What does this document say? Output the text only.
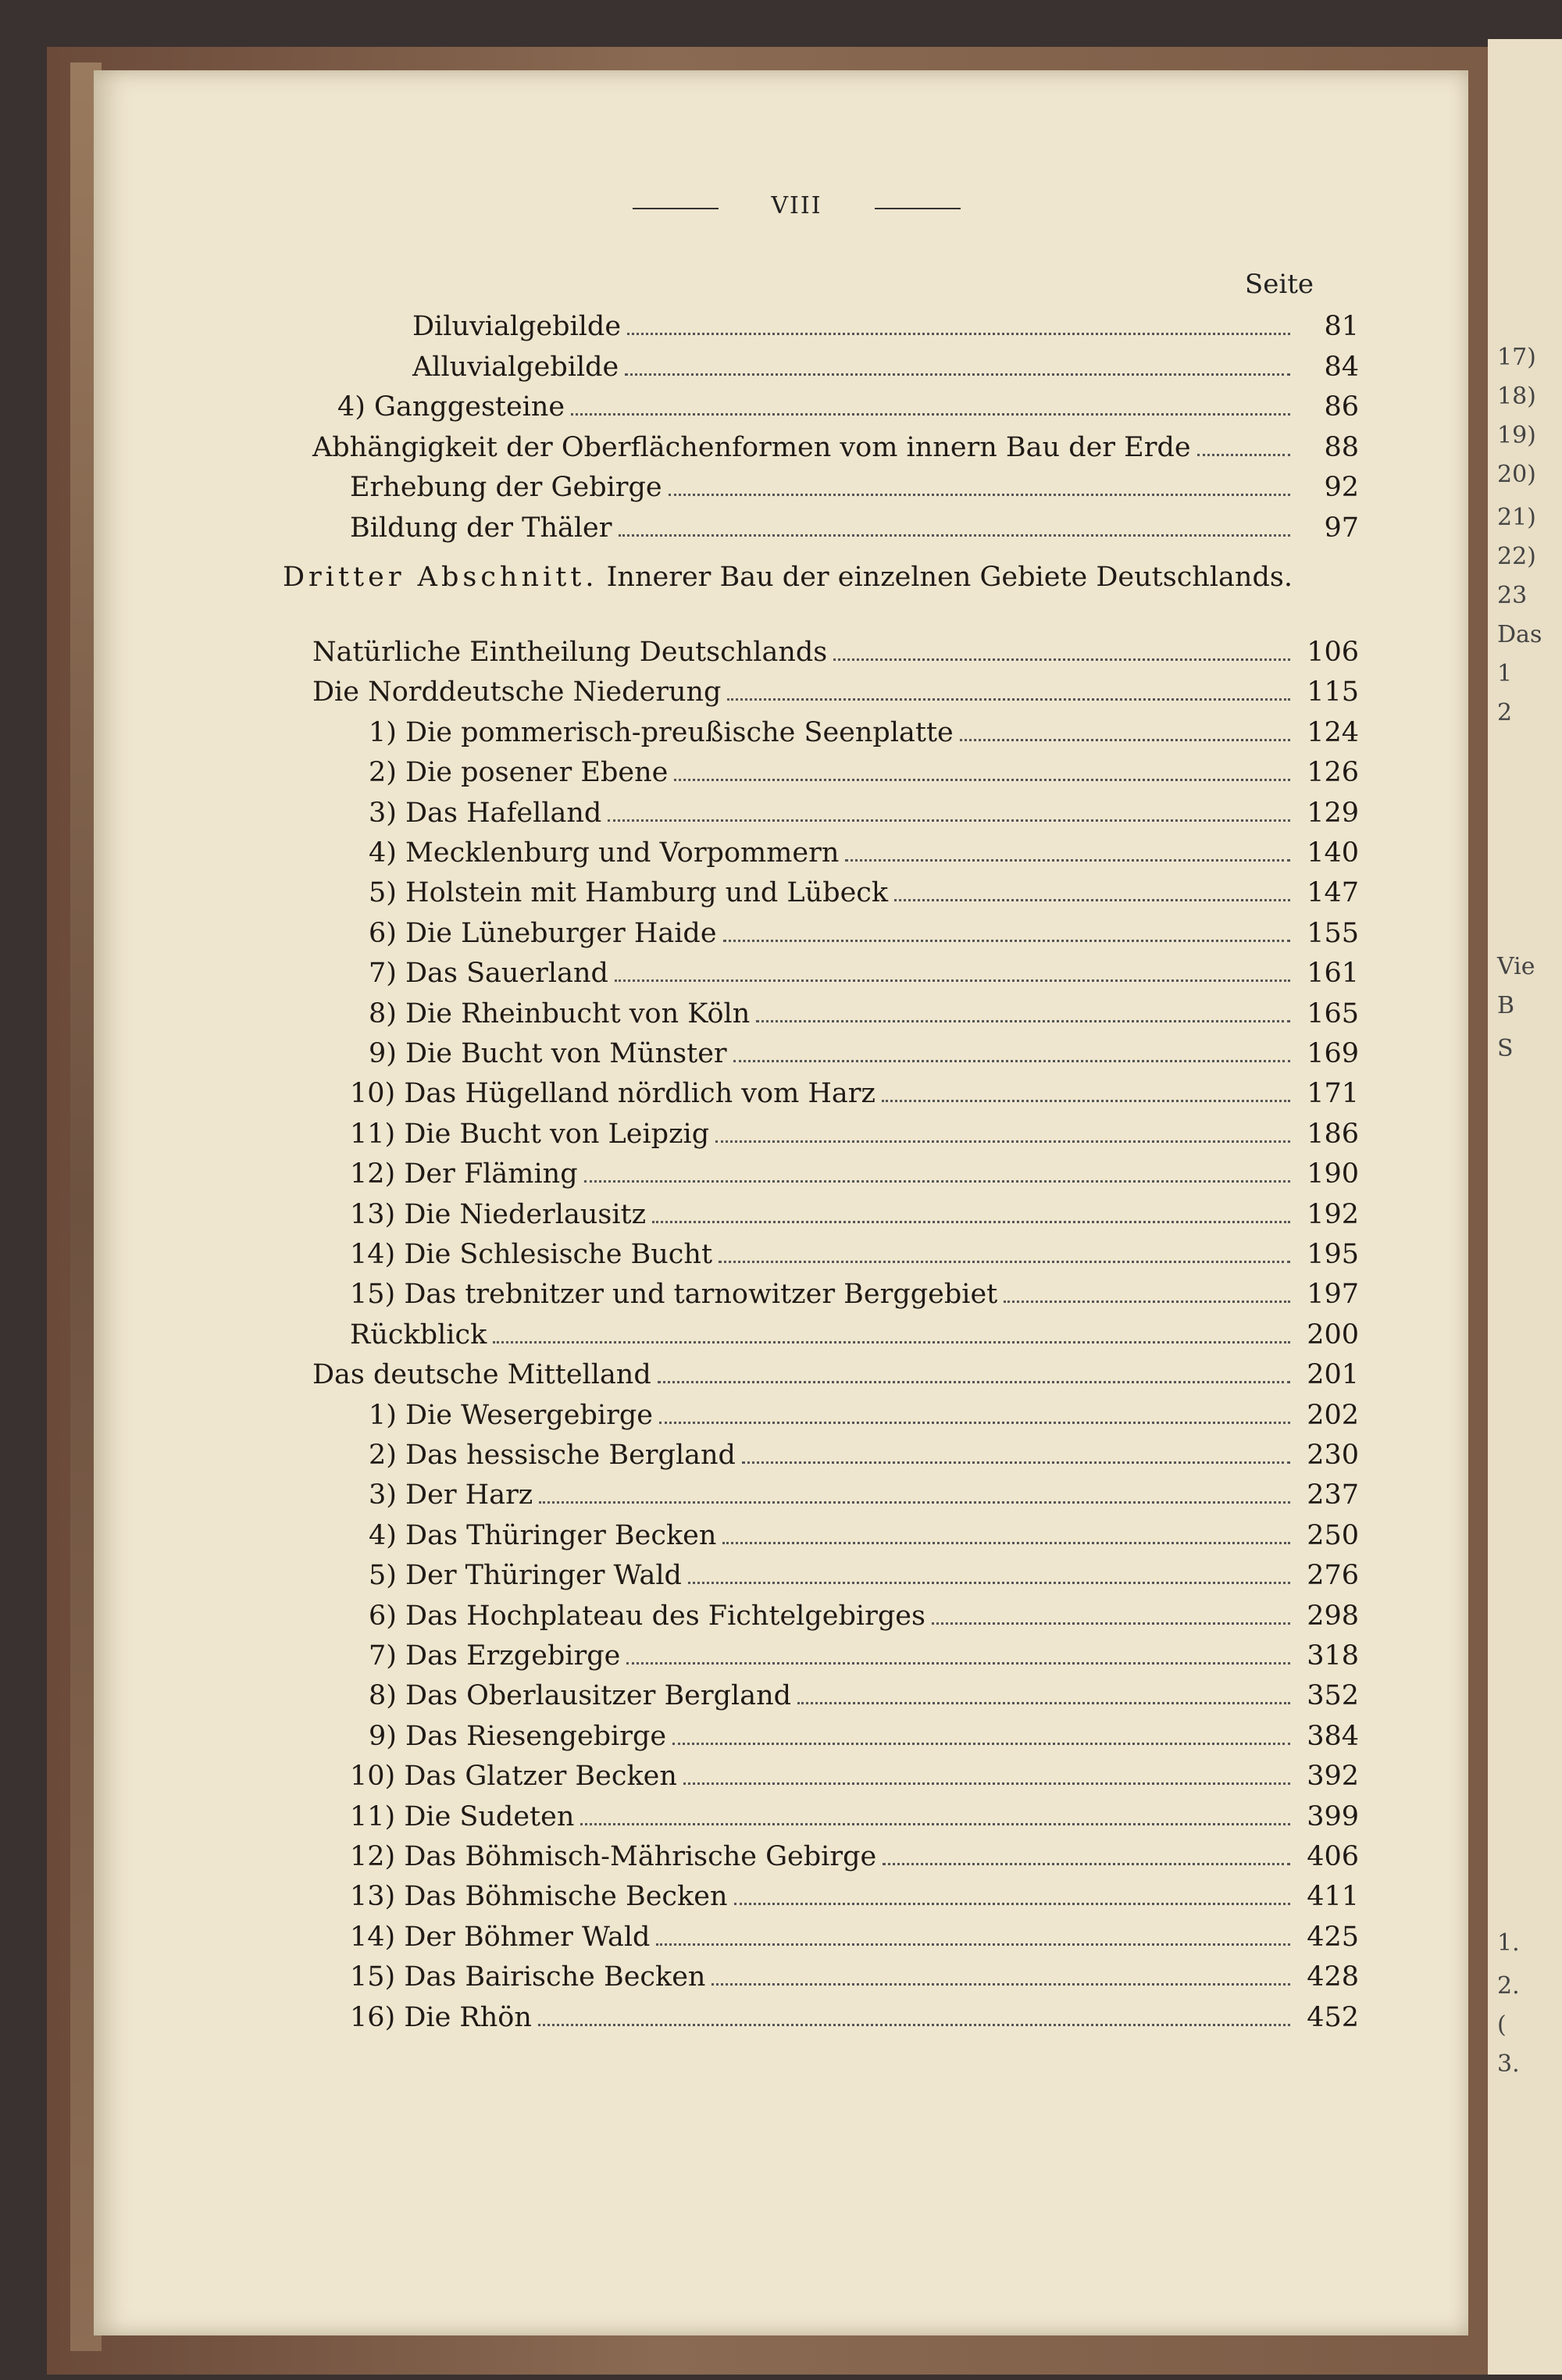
17)
18)
19)
20)
21)
22)
23
Das
1
2
Vie
B
S
1.
2.
(
3.
VIII
Seite
Diluvialgebilde	81
Alluvialgebilde	84
4) Ganggesteine	86
Abhängigkeit der Oberflächenformen vom innern Bau der Erde	88
Erhebung der Gebirge	92
Bildung der Thäler	97
Dritter Abschnitt. Innerer Bau der einzelnen Gebiete Deutschlands.
Natürliche Eintheilung Deutschlands	106
Die Norddeutsche Niederung	115
1) Die pommerisch-preußische Seenplatte	124
2) Die posener Ebene	126
3) Das Hafelland	129
4) Mecklenburg und Vorpommern	140
5) Holstein mit Hamburg und Lübeck	147
6) Die Lüneburger Haide	155
7) Das Sauerland	161
8) Die Rheinbucht von Köln	165
9) Die Bucht von Münster	169
10) Das Hügelland nördlich vom Harz	171
11) Die Bucht von Leipzig	186
12) Der Fläming	190
13) Die Niederlausitz	192
14) Die Schlesische Bucht	195
15) Das trebnitzer und tarnowitzer Berggebiet	197
Rückblick	200
Das deutsche Mittelland	201
1) Die Wesergebirge	202
2) Das hessische Bergland	230
3) Der Harz	237
4) Das Thüringer Becken	250
5) Der Thüringer Wald	276
6) Das Hochplateau des Fichtelgebirges	298
7) Das Erzgebirge	318
8) Das Oberlausitzer Bergland	352
9) Das Riesengebirge	384
10) Das Glatzer Becken	392
11) Die Sudeten	399
12) Das Böhmisch-Mährische Gebirge	406
13) Das Böhmische Becken	411
14) Der Böhmer Wald	425
15) Das Bairische Becken	428
16) Die Rhön	452
